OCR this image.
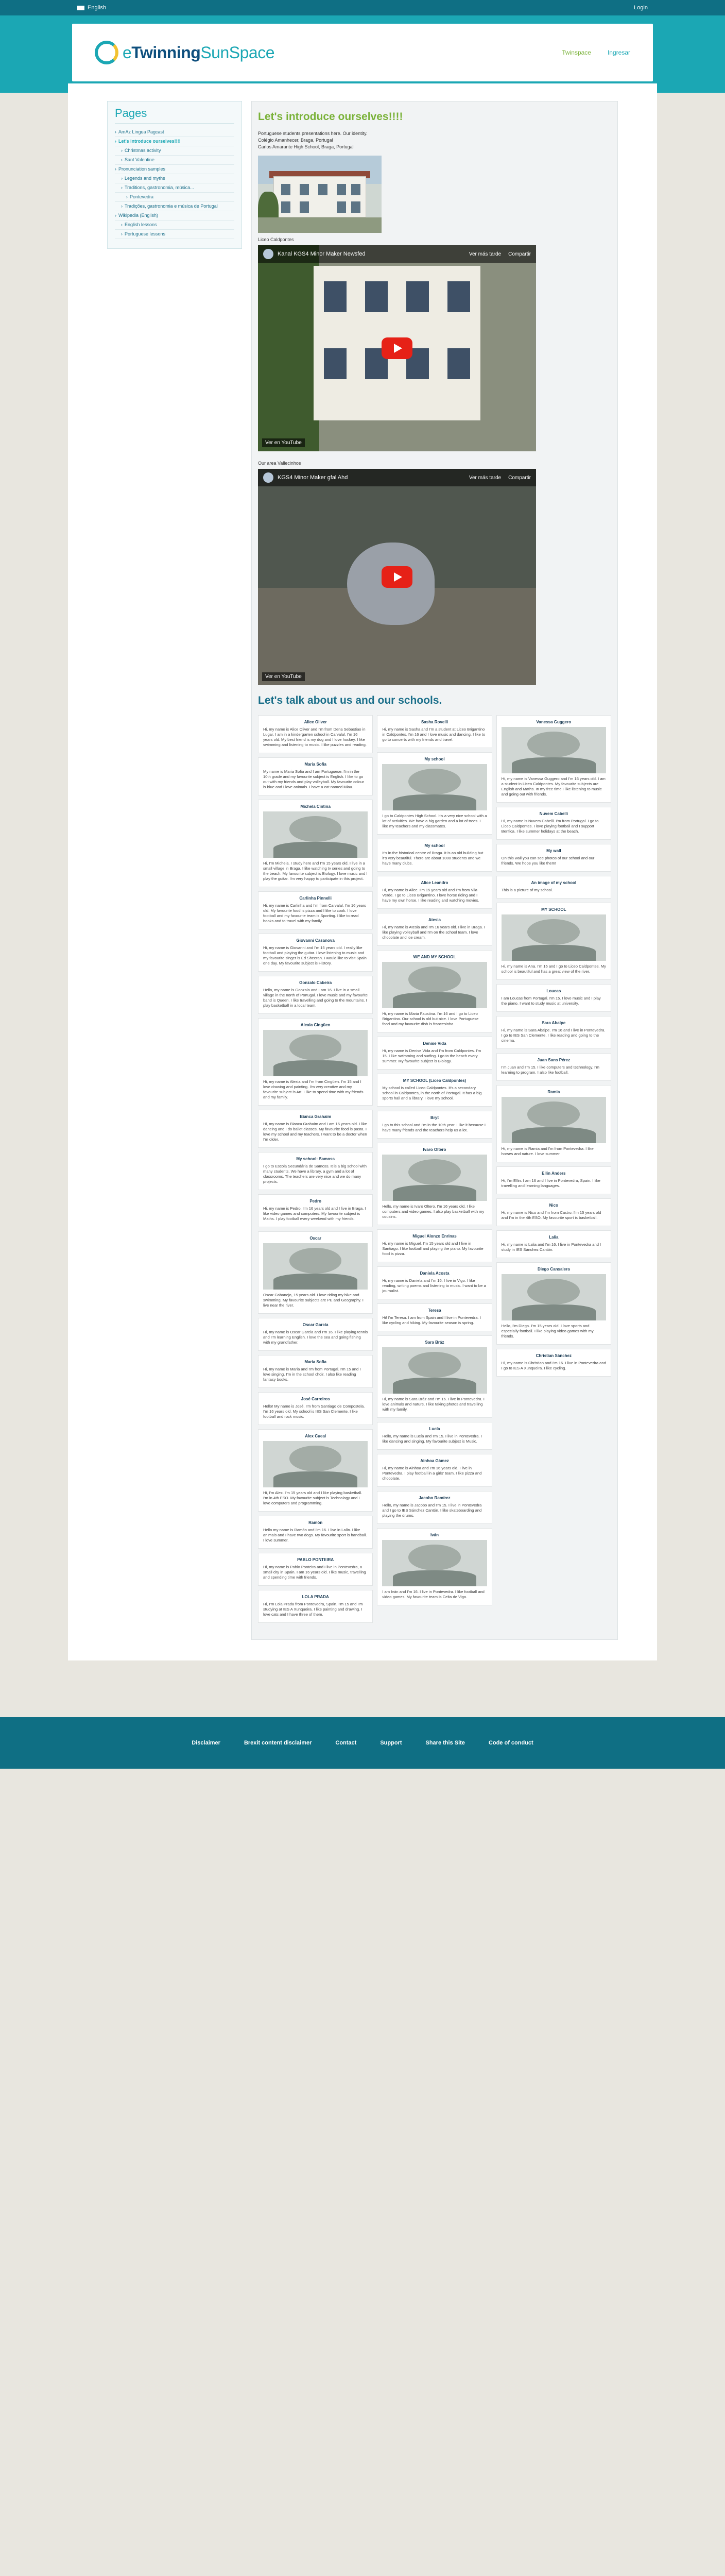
English	Login
eTwinningSunSpace	Twinspace	Ingresar
Pages
› AmAz Lingua Pagcast
› Let's introduce ourselves!!!!
› Christmas activity
› Sant Valentine
› Pronunciation samples
› Legends and myths
› Traditions, gastronomia, música...
› Pontevedra
› Tradições, gastronomia e música de Portugal
› Wikipedia (English)
› English lessons
› Portuguese lessons
Let's introduce ourselves!!!!

Portuguese students presentations here. Our identity.

Colégio Amanhecer, Braga, Portugal

Carlos Amarante High School, Braga, Portugal

Liceo Caldpontes

Kanal KGS4 Minor Maker Newsfed	Ver más tarde Compartir
Ver en YouTube

Our area Vallecinhos

KGS4 Minor Maker gfal Ahd	Ver más tarde Compartir
Ver en YouTube
Let's talk about us and our schools.
Alice Oliver
Hi, my name is Alice Oliver and I'm from Dena Sebastiao in Lugar. I am in a kindergarten school in Carvalal. I'm 16 years old. My best friend is my dog and I love hockey. I like swimming and listening to music. I like puzzles and reading.
Maria Sofia
My name is Maria Sofia and I am Portuguese. I'm in the 10th grade and my favourite subject is English. I like to go out with my friends and play volleyball. My favourite colour is blue and I love animals. I have a cat named Miau.
Michela Cintina
Hi, I'm Michela. I study here and I'm 15 years old. I live in a small village in Braga. I like watching tv series and going to the beach. My favourite subject is Biology. I love music and I play the guitar. I'm very happy to participate in this project.
Carlinha Pinnelli
Hi, my name is Carlinha and I'm from Carvalal. I'm 16 years old. My favourite food is pizza and I like to cook. I love football and my favourite team is Sporting. I like to read books and to travel with my family.
Giovanni Casanova
Hi, my name is Giovanni and I'm 15 years old. I really like football and playing the guitar. I love listening to music and my favourite singer is Ed Sheeran. I would like to visit Spain one day. My favourite subject is History.
Gonzalo Cabeira
Hello, my name is Gonzalo and I am 16. I live in a small village in the north of Portugal. I love music and my favourite band is Queen. I like travelling and going to the mountains. I play basketball in a local team.
Alexia Cingüen
Hi, my name is Alexia and I'm from Cingüen. I'm 15 and I love drawing and painting. I'm very creative and my favourite subject is Art. I like to spend time with my friends and my family.
Bianca Grahaim
Hi, my name is Bianca Grahaim and I am 15 years old. I like dancing and I do ballet classes. My favourite food is pasta. I love my school and my teachers. I want to be a doctor when I'm older.
My school: Samoss
I go to Escola Secundária de Samoss. It is a big school with many students. We have a library, a gym and a lot of classrooms. The teachers are very nice and we do many projects.
Pedro
Hi, my name is Pedro. I'm 16 years old and I live in Braga. I like video games and computers. My favourite subject is Maths. I play football every weekend with my friends.
Oscar
Oscar Cabanejo, 15 years old. I love riding my bike and swimming. My favourite subjects are PE and Geography. I live near the river.
Oscar García
Hi, my name is Oscar García and I'm 16. I like playing tennis and I'm learning English. I love the sea and going fishing with my grandfather.
Maria Sofia
Hi, my name is Maria and I'm from Portugal. I'm 15 and I love singing. I'm in the school choir. I also like reading fantasy books.
José Carreiros
Hello! My name is José. I'm from Santiago de Compostela. I'm 16 years old. My school is IES San Clemente. I like football and rock music.
Alex Cueal
Hi, I'm Alex. I'm 15 years old and I like playing basketball. I'm in 4th ESO. My favourite subject is Technology and I love computers and programming.
Ramón
Hello my name is Ramón and I'm 16. I live in Lalín. I like animals and I have two dogs. My favourite sport is handball. I love summer.
PABLO PONTEIRA
Hi, my name is Pablo Ponteira and I live in Pontevedra, a small city in Spain. I am 16 years old. I like music, travelling and spending time with friends.
LOLA PRADA
Hi, I'm Lola Prada from Pontevedra, Spain. I'm 15 and I'm studying at IES A Xunqueira. I like painting and drawing. I love cats and I have three of them.
Sasha Rovelli
Hi, my name is Sasha and I'm a student at Liceo Brigantino in Caldpontes. I'm 16 and I love music and dancing. I like to go to concerts with my friends and travel.
My school
I go to Caldpontes High School. It's a very nice school with a lot of activities. We have a big garden and a lot of trees. I like my teachers and my classmates.
My school
It's in the historical centre of Braga. It is an old building but it's very beautiful. There are about 1000 students and we have many clubs.
Alice Leandro
Hi, my name is Alice. I'm 15 years old and I'm from Vila Verde. I go to Liceo Brigantino. I love horse riding and I have my own horse. I like reading and watching movies.
Atesia
Hi, my name is Atesia and I'm 16 years old. I live in Braga. I like playing volleyball and I'm on the school team. I love chocolate and ice cream.
WE AND MY SCHOOL
Hi, my name is Maria Faustina. I'm 16 and I go to Liceo Brigantino. Our school is old but nice. I love Portuguese food and my favourite dish is francesinha.
Denise Vida
Hi, my name is Denise Vida and I'm from Caldpontes. I'm 15. I like swimming and surfing. I go to the beach every summer. My favourite subject is Biology.
MY SCHOOL (Liceo Caldpontes)
My school is called Liceo Caldpontes. It's a secondary school in Caldpontes, in the north of Portugal. It has a big sports hall and a library. I love my school.
Bryt
I go to this school and I'm in the 10th year. I like it because I have many friends and the teachers help us a lot.
Ivaro Oltero
Hello, my name is Ivaro Oltero. I'm 16 years old. I like computers and video games. I also play basketball with my cousins.
Miguel Alonzo Enrinas
Hi, my name is Miguel. I'm 15 years old and I live in Santiago. I like football and playing the piano. My favourite food is pizza.
Daniela Acosta
Hi, my name is Daniela and I'm 16. I live in Vigo. I like reading, writing poems and listening to music. I want to be a journalist.
Teresa
Hi! I'm Teresa. I am from Spain and I live in Pontevedra. I like cycling and hiking. My favourite season is spring.
Sara Bráz
Hi, my name is Sara Bráz and I'm 16. I live in Pontevedra. I love animals and nature. I like taking photos and travelling with my family.
Lucía
Hello, my name is Lucía and I'm 15. I live in Pontevedra. I like dancing and singing. My favourite subject is Music.
Ainhoa Gámez
Hi, my name is Ainhoa and I'm 16 years old. I live in Pontevedra. I play football in a girls' team. I like pizza and chocolate.
Jacobo Ramírez
Hello, my name is Jacobo and I'm 15. I live in Pontevedra and I go to IES Sánchez Cantón. I like skateboarding and playing the drums.
Iván
I am Iván and I'm 16. I live in Pontevedra. I like football and video games. My favourite team is Celta de Vigo.
Vanessa Guggero
Hi, my name is Vanessa Guggero and I'm 16 years old. I am a student in Liceo Caldpontes. My favourite subjects are English and Maths. In my free time I like listening to music and going out with friends.
Nuvem Cabelli
Hi, my name is Nuvem Cabelli. I'm from Portugal. I go to Liceo Caldpontes. I love playing football and I support Benfica. I like summer holidays at the beach.
My wall
On this wall you can see photos of our school and our friends. We hope you like them!
An image of my school
This is a picture of my school.
MY SCHOOL
Hi, my name is Ana. I'm 16 and I go to Liceo Caldpontes. My school is beautiful and has a great view of the river.
Loucas
I am Loucas from Portugal. I'm 15. I love music and I play the piano. I want to study music at university.
Sara Abalpe
Hi, my name is Sara Abalpe. I'm 16 and I live in Pontevedra. I go to IES San Clemente. I like reading and going to the cinema.
Juan Sans Pérez
I'm Juan and I'm 15. I like computers and technology. I'm learning to program. I also like football.
Ramia
Hi, my name is Ramia and I'm from Pontevedra. I like horses and nature. I love summer.
Ellin Anders
Hi, I'm Ellin. I am 16 and I live in Pontevedra, Spain. I like travelling and learning languages.
Nico
Hi, my name is Nico and I'm from Castro. I'm 15 years old and I'm in the 4th ESO. My favourite sport is basketball.
Lalia
Hi, my name is Lalia and I'm 16. I live in Pontevedra and I study in IES Sánchez Cantón.
Diego Cansalera
Hello, I'm Diego. I'm 15 years old. I love sports and especially football. I like playing video games with my friends.
Christian Sánchez
Hi, my name is Christian and I'm 16. I live in Pontevedra and I go to IES A Xunqueira. I like cycling.
Disclaimer	Brexit content disclaimer	Contact	Support	Share this Site	Code of conduct
